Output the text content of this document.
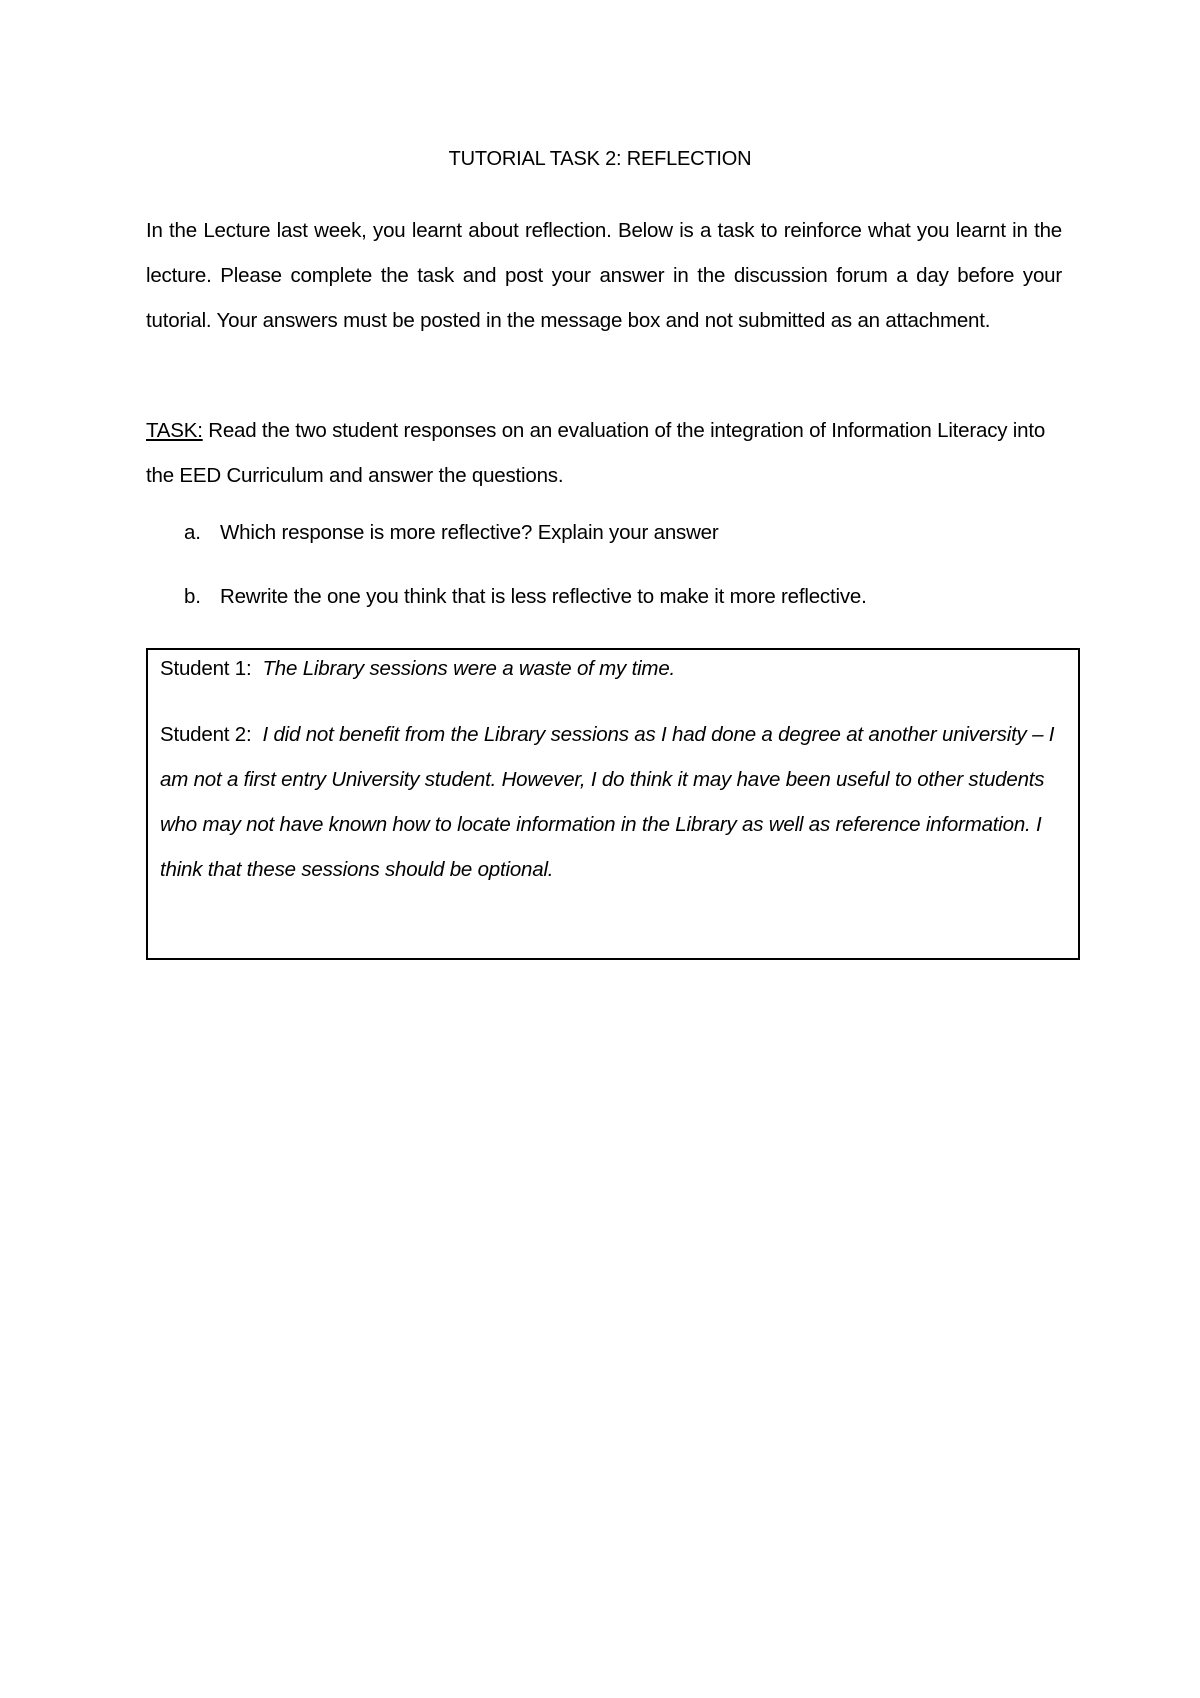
TUTORIAL TASK 2: REFLECTION

In the Lecture last week, you learnt about reflection. Below is a task to reinforce what you learnt in the lecture. Please complete the task and post your answer in the discussion forum a day before your tutorial. Your answers must be posted in the message box and not submitted as an attachment.

TASK: Read the two student responses on an evaluation of the integration of Information Literacy into the EED Curriculum and answer the questions.

a. Which response is more reflective? Explain your answer
b. Rewrite the one you think that is less reflective to make it more reflective.

Student 1: The Library sessions were a waste of my time.

Student 2: I did not benefit from the Library sessions as I had done a degree at another university – I am not a first entry University student. However, I do think it may have been useful to other students who may not have known how to locate information in the Library as well as reference information. I think that these sessions should be optional.
